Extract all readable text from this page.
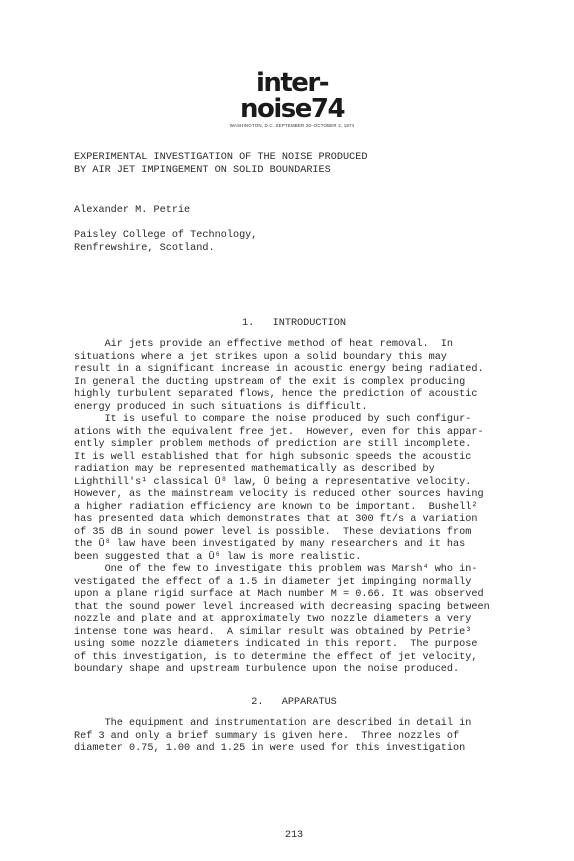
inter-noise74
WASHINGTON, D.C. SEPTEMBER 30–OCTOBER 2, 1974
EXPERIMENTAL INVESTIGATION OF THE NOISE PRODUCED
BY AIR JET IMPINGEMENT ON SOLID BOUNDARIES
Alexander M. Petrie
Paisley College of Technology,
Renfrewshire, Scotland.
1.   INTRODUCTION
Air jets provide an effective method of heat removal.  In
situations where a jet strikes upon a solid boundary this may
result in a significant increase in acoustic energy being radiated.
In general the ducting upstream of the exit is complex producing
highly turbulent separated flows, hence the prediction of acoustic
energy produced in such situations is difficult.
It is useful to compare the noise produced by such configur-
ations with the equivalent free jet.  However, even for this appar-
ently simpler problem methods of prediction are still incomplete.
It is well established that for high subsonic speeds the acoustic
radiation may be represented mathematically as described by
Lighthill's¹ classical Ū⁸ law, Ū being a representative velocity.
However, as the mainstream velocity is reduced other sources having
a higher radiation efficiency are known to be important.  Bushell²
has presented data which demonstrates that at 300 ft/s a variation
of 35 dB in sound power level is possible.  These deviations from
the Ū⁸ law have been investigated by many researchers and it has
been suggested that a Ū⁶ law is more realistic.
One of the few to investigate this problem was Marsh⁴ who in-
vestigated the effect of a 1.5 in diameter jet impinging normally
upon a plane rigid surface at Mach number M = 0.66. It was observed
that the sound power level increased with decreasing spacing between
nozzle and plate and at approximately two nozzle diameters a very
intense tone was heard.  A similar result was obtained by Petrie³
using some nozzle diameters indicated in this report.  The purpose
of this investigation, is to determine the effect of jet velocity,
boundary shape and upstream turbulence upon the noise produced.
2.   APPARATUS
The equipment and instrumentation are described in detail in
Ref 3 and only a brief summary is given here.  Three nozzles of
diameter 0.75, 1.00 and 1.25 in were used for this investigation
213
